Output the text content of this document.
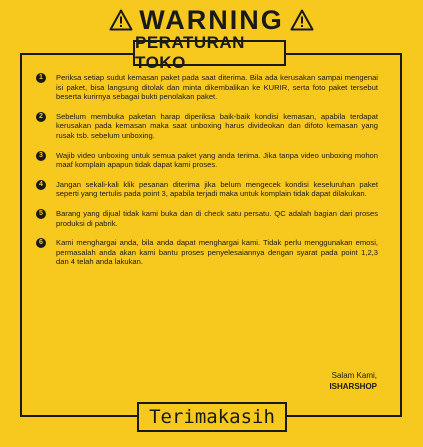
WARNING
PERATURAN TOKO
1	Periksa setiap sudut kemasan paket pada saat diterima. Bila ada kerusakan sampai mengenai isi paket, bisa langsung ditolak dan minta dikembalikan ke KURIR, serta foto paket tersebut beserta kurirnya sebagai bukti penolakan paket.
2	Sebelum membuka paketan harap diperiksa baik-baik kondisi kemasan, apabila terdapat kerusakan pada kemasan maka saat unboxing harus divideokan dan difoto kemasan yang rusak tsb. sebelum unboxing.
3	Wajib video unboxing untuk semua paket yang anda terima. Jika tanpa video unboxing mohon maaf komplain apapun tidak dapat kami proses.
4	Jangan sekali-kali klik pesanan diterima jika belum mengecek kondisi keseluruhan paket seperti yang tertulis pada point 3, apabila terjadi maka untuk komplain tidak dapat dilakukan.
5	Barang yang dijual tidak kami buka dan di check satu persatu. QC adalah bagian dari proses produksi di pabrik.
6	Kami menghargai anda, bila anda dapat menghargai kami. Tidak perlu menggunakan emosi, permasalah anda akan kami bantu proses penyelesaiannya dengan syarat pada point 1,2,3 dan 4 telah anda lakukan.
Salam Kami,
ISHARSHOP
Terimakasih
